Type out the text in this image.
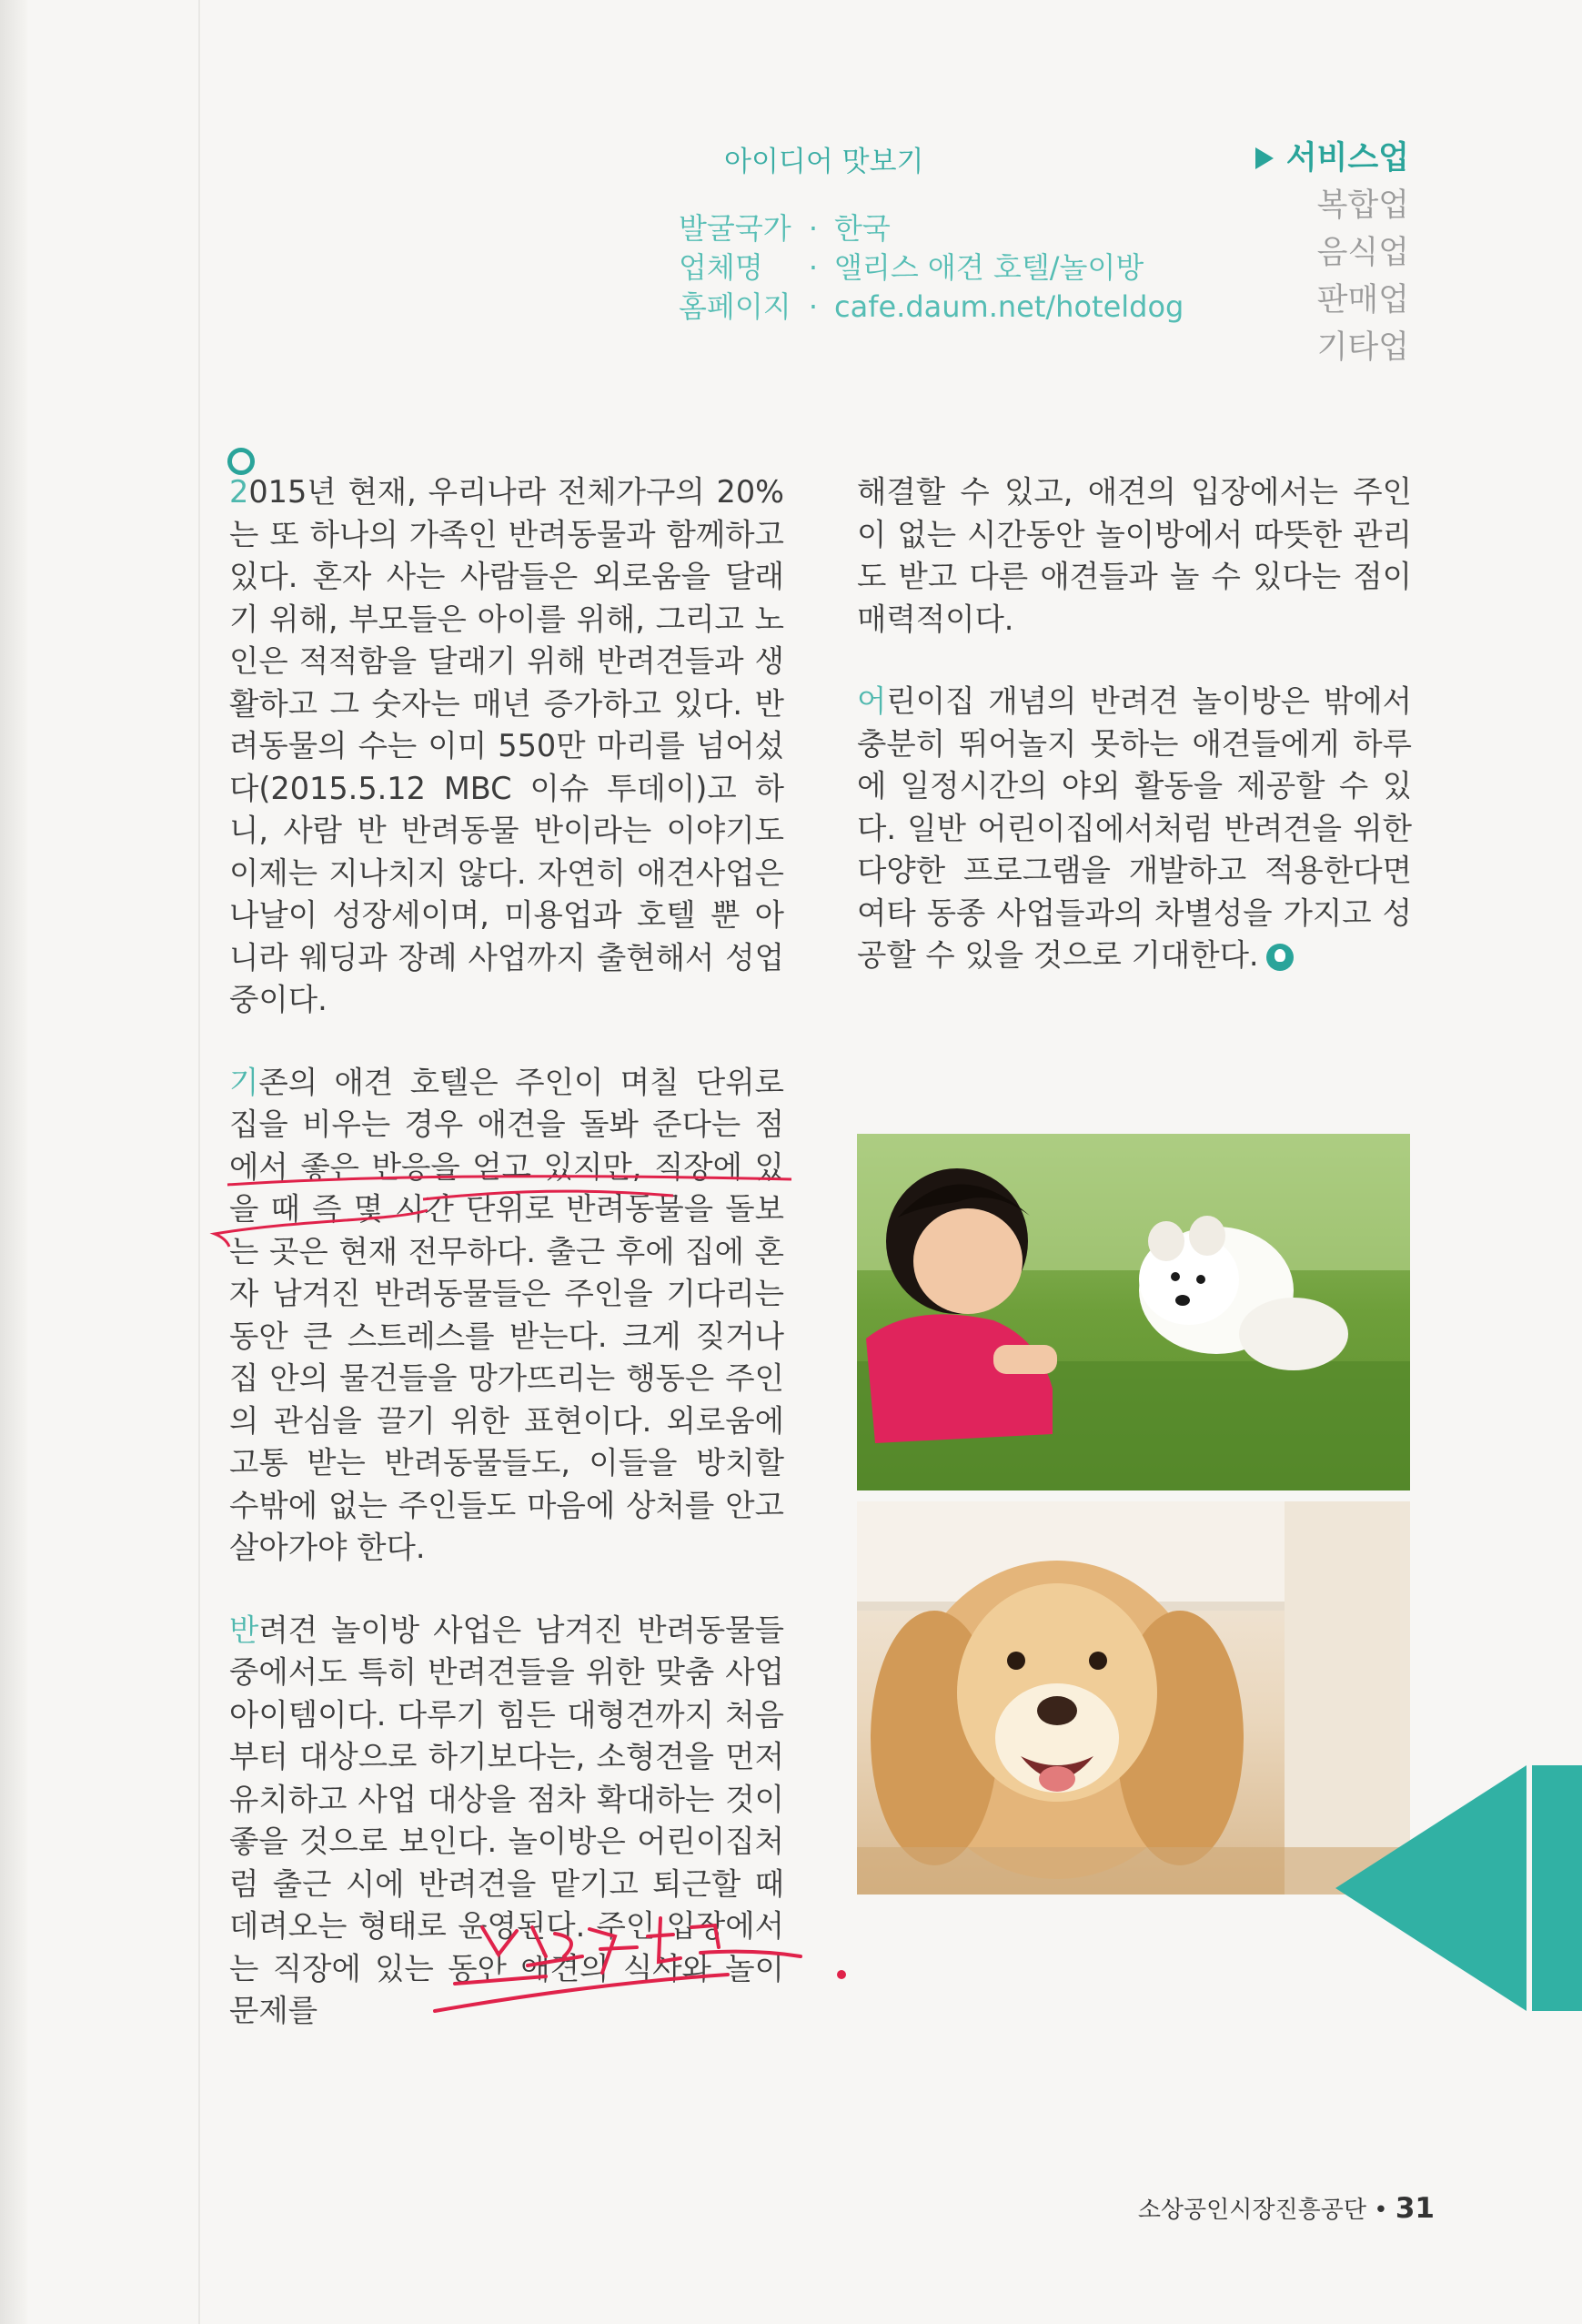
아이디어 맛보기
발굴국가 · 한국
업체명	· 앨리스 애견 호텔/놀이방
홈페이지 · cafe.daum.net/hoteldog
서비스업
복합업
음식업
판매업
기타업

2015년 현재, 우리나라 전체가구의 20%는 또 하나의 가족인 반려동물과 함께하고 있다. 혼자 사는 사람들은 외로움을 달래기 위해, 부모들은 아이를 위해, 그리고 노인은 적적함을 달래기 위해 반려견들과 생활하고 그 숫자는 매년 증가하고 있다. 반려동물의 수는 이미 550만 마리를 넘어섰다(2015.5.12 MBC 이슈 투데이)고 하니, 사람 반 반려동물 반이라는 이야기도 이제는 지나치지 않다. 자연히 애견사업은 나날이 성장세이며, 미용업과 호텔 뿐 아니라 웨딩과 장례 사업까지 출현해서 성업 중이다.

기존의 애견 호텔은 주인이 며칠 단위로 집을 비우는 경우 애견을 돌봐 준다는 점에서 좋은 반응을 얻고 있지만, 직장에 있을 때 즉 몇 시간 단위로 반려동물을 돌보는 곳은 현재 전무하다. 출근 후에 집에 혼자 남겨진 반려동물들은 주인을 기다리는 동안 큰 스트레스를 받는다. 크게 짖거나 집 안의 물건들을 망가뜨리는 행동은 주인의 관심을 끌기 위한 표현이다. 외로움에 고통 받는 반려동물들도, 이들을 방치할 수밖에 없는 주인들도 마음에 상처를 안고 살아가야 한다.

반려견 놀이방 사업은 남겨진 반려동물들 중에서도 특히 반려견들을 위한 맞춤 사업 아이템이다. 다루기 힘든 대형견까지 처음부터 대상으로 하기보다는, 소형견을 먼저 유치하고 사업 대상을 점차 확대하는 것이 좋을 것으로 보인다. 놀이방은 어린이집처럼 출근 시에 반려견을 맡기고 퇴근할 때 데려오는 형태로 운영된다. 주인 입장에서는 직장에 있는 동안 애견의 식사와 놀이 문제를

해결할 수 있고, 애견의 입장에서는 주인이 없는 시간동안 놀이방에서 따뜻한 관리도 받고 다른 애견들과 놀 수 있다는 점이 매력적이다.

어린이집 개념의 반려견 놀이방은 밖에서 충분히 뛰어놀지 못하는 애견들에게 하루에 일정시간의 야외 활동을 제공할 수 있다. 일반 어린이집에서처럼 반려견을 위한 다양한 프로그램을 개발하고 적용한다면 여타 동종 사업들과의 차별성을 가지고 성공할 수 있을 것으로 기대한다.

소상공인시장진흥공단 • 31
